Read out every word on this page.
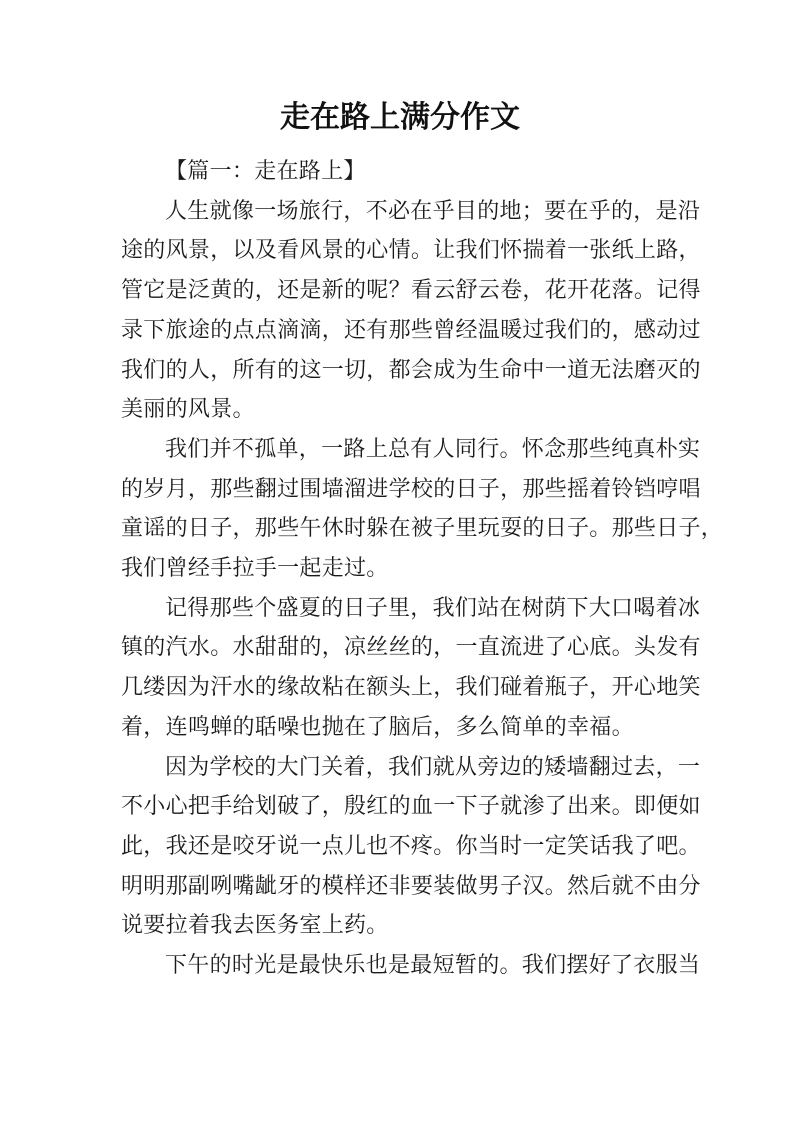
走在路上满分作文

【篇一：走在路上】

人生就像一场旅行，不必在乎目的地；要在乎的，是沿
途的风景，以及看风景的心情。让我们怀揣着一张纸上路，
管它是泛黄的，还是新的呢？看云舒云卷，花开花落。记得
录下旅途的点点滴滴，还有那些曾经温暖过我们的，感动过
我们的人，所有的这一切，都会成为生命中一道无法磨灭的
美丽的风景。

我们并不孤单，一路上总有人同行。怀念那些纯真朴实
的岁月，那些翻过围墙溜进学校的日子，那些摇着铃铛哼唱
童谣的日子，那些午休时躲在被子里玩耍的日子。那些日子，
我们曾经手拉手一起走过。

记得那些个盛夏的日子里，我们站在树荫下大口喝着冰
镇的汽水。水甜甜的，凉丝丝的，一直流进了心底。头发有
几缕因为汗水的缘故粘在额头上，我们碰着瓶子，开心地笑
着，连鸣蝉的聒噪也抛在了脑后，多么简单的幸福。

因为学校的大门关着，我们就从旁边的矮墙翻过去，一
不小心把手给划破了，殷红的血一下子就渗了出来。即便如
此，我还是咬牙说一点儿也不疼。你当时一定笑话我了吧。
明明那副咧嘴龇牙的模样还非要装做男子汉。然后就不由分
说要拉着我去医务室上药。

下午的时光是最快乐也是最短暂的。我们摆好了衣服当
